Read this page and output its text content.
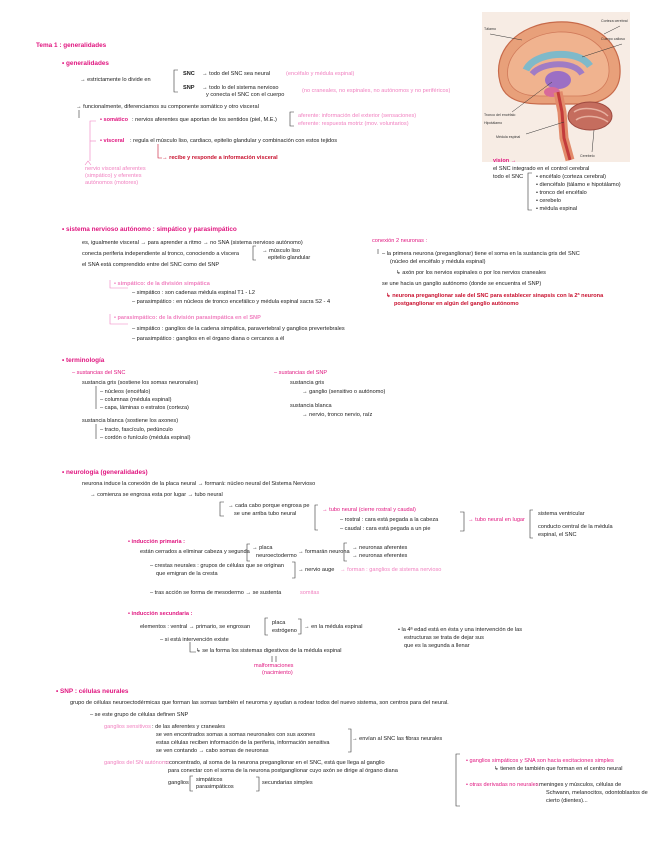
Tema 1 : generalidades
• generalidades
→ estrictamente lo divide en
SNC → todo del SNC sea neural	(encéfalo y médula espinal)
SNP → todo lo del sistema nervioso
y conecta el SNC con el cuerpo
(no craneales, no espinales, no autónomos y no periféricos)
→ funcionalmente, diferenciamos su componente somático y otro visceral
• somático : nervios aferentes que aportan de los sentidos (piel, M.E.)
aferente: información del exterior (sensaciones)
eferente: respuesta motriz (mov. voluntarios)
• visceral : regula el músculo liso, cardiaco, epitelio glandular y combinación con estos tejidos
→ recibe y responde a información visceral
nervio visceral aferentes
(simpático) y eferentes
autónomos (motores)
Corteza cerebral
Cuerpo calloso
Tálamo
Tronco del encéfalo
Médula espinal
Cerebelo
Hipotálamo
vision →
el SNC integrado en el control cerebral
todo el SNC • encéfalo (corteza cerebral)
• diencéfalo (tálamo e hipotálamo)
• tronco del encéfalo
• cerebelo
• médula espinal
• sistema nervioso autónomo : simpático y parasimpático
es, igualmente visceral → para aprender a ritmo → no SNA (sistema nervioso autónomo)
conecta periferia independiente al tronco, conociendo a víscera	→ músculo liso
epitelio glandular
el SNA está comprendido entre del SNC como del SNP
• simpático: de la división simpática
– simpático : son cadenas médula espinal T1 - L2
– parasimpático : en núcleos de tronco encefálico y médula espinal sacra S2 - 4
• parasimpático: de la división parasimpática en el SNP
– simpático : ganglios de la cadena simpática, paravertebral y ganglios prevertebrales
– parasimpático : ganglios en el órgano diana o cercanos a él
conexión 2 neuronas :
– la primera neurona (preganglionar) tiene el soma en la sustancia gris del SNC
(núcleo del encéfalo y médula espinal)
↳ axón por los nervios espinales o por los nervios craneales
se une hacia un ganglio autónomo (donde se encuentra el SNP)
↳ neurona preganglionar sale del SNC para establecer sinapsis con la 2ª neurona
postganglionar en algún del ganglio autónomo
• terminología
– sustancias del SNC
sustancia gris (sostiene los somas neuronales)
– núcleos (encéfalo)
– columnas (médula espinal)
– capa, láminas o estratos (corteza)
sustancia blanca (sostiene los axones)
– tracto, fascículo, pedúnculo
– cordón o funículo (médula espinal)
– sustancias del SNP
sustancia gris
→ ganglio (sensitivo o autónomo)
sustancia blanca
→ nervio, tronco nervio, raíz
• neurología (generalidades)
neurona induce la conexión de la placa neural → formará: núcleo neural del Sistema Nervioso
→ comienza se engrosa esta por lugar → tubo neural
→ cada cabo porque engrosa pe
se une arriba tubo neural
→ tubo neural (cierre rostral y caudal)
– rostral : cara está pegada a la cabeza
– caudal : cara está pegada a un pie
→ tubo neural en lugar
sistema ventricular
conducto central de la médula
espinal, el SNC
• inducción primaria :
están cerrados a eliminar cabeza y segunda
→ placa
neuroectodermo
→ formarán neurona
→ neuronas aferentes
→ neuronas eferentes
– crestas neurales : grupos de células que se originan
que emigran de la cresta
→ nervio auge → forman : ganglios de sistema nervioso
– tras acción se forma de mesodermo → se sustenta	somitas
• inducción secundaria :
elementos : ventral → primario, se engrosan
placa
estrógeno
→ en la médula espinal
– si está intervención existe
↳ se la forma los sistemas digestivos de la médula espinal
malformaciones
(nacimiento)
• la 4ª edad está en ésta y una intervención de las
estructuras se trata de dejar sus
que es la segunda a llenar
• SNP : células neurales
grupo de células neuroectodérmicas que forman las somas también el neuroma y ayudan a rodear todos del nuevo sistema, son centros para del neural.
– se este grupo de células definen SNP
ganglios sensitivos : de las aferentes y craneales
se ven encontrados somas a somas neuronales con sus axones
estas células reciben información de la periferia, información sensitiva
se ven contando → cabo somas de neuronas
→ envían al SNC las fibras neurales
ganglios del SN autónomo
: concentrado, al soma de la neurona preganglionar en el SNC, está que llega al ganglio
para conectar con el soma de la neurona postganglionar cuyo axón se dirige al órgano diana
ganglios simpáticos
parasimpáticos
secundarias simples
• ganglios simpáticos y SNA son hacia excitaciones simples
↳ tienen de también que forman en el centro neural
• otras derivadas no neurales
: meninges y músculos, células de
Schwann, melanocitos, odontoblastos de
cierto (dientes)...
